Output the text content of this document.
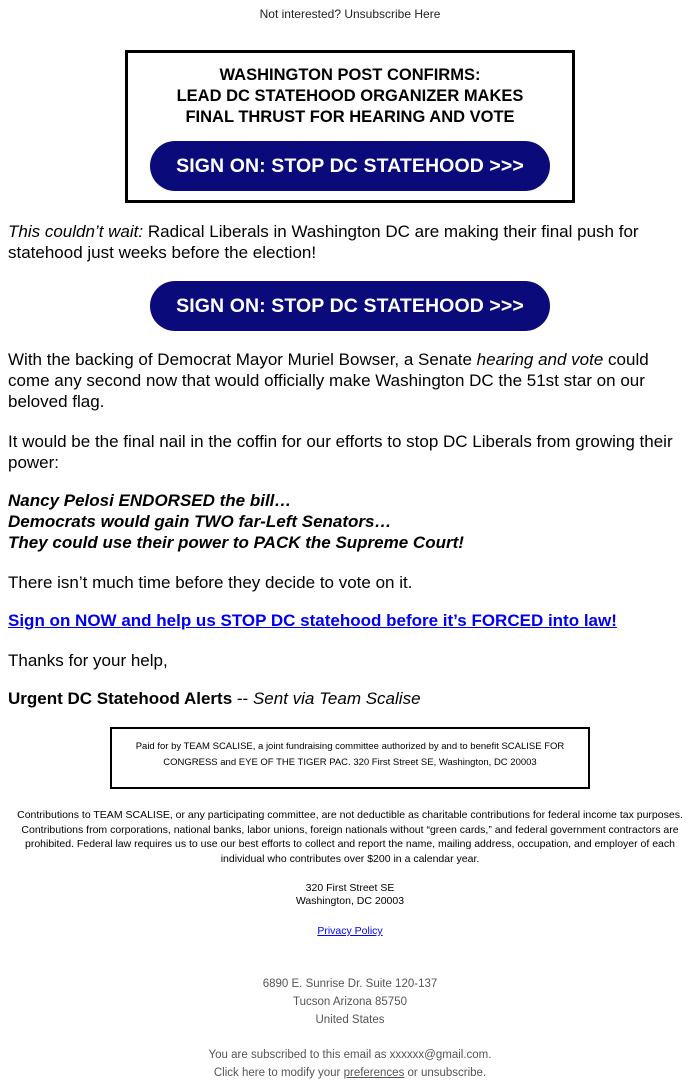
Not interested? Unsubscribe Here
WASHINGTON POST CONFIRMS:
LEAD DC STATEHOOD ORGANIZER MAKES
FINAL THRUST FOR HEARING AND VOTE
SIGN ON: STOP DC STATEHOOD >>>

This couldn’t wait: Radical Liberals in Washington DC are making their final push for statehood just weeks before the election!

SIGN ON: STOP DC STATEHOOD >>>

With the backing of Democrat Mayor Muriel Bowser, a Senate hearing and vote could come any second now that would officially make Washington DC the 51st star on our beloved flag.

It would be the final nail in the coffin for our efforts to stop DC Liberals from growing their power:

Nancy Pelosi ENDORSED the bill…
Democrats would gain TWO far-Left Senators…
They could use their power to PACK the Supreme Court!

There isn’t much time before they decide to vote on it.

Sign on NOW and help us STOP DC statehood before it’s FORCED into law!

Thanks for your help,

Urgent DC Statehood Alerts -- Sent via Team Scalise

Paid for by TEAM SCALISE, a joint fundraising committee authorized by and to benefit SCALISE FOR CONGRESS and EYE OF THE TIGER PAC. 320 First Street SE, Washington, DC 20003
Contributions to TEAM SCALISE, or any participating committee, are not deductible as charitable contributions for federal income tax purposes. Contributions from corporations, national banks, labor unions, foreign nationals without “green cards,” and federal government contractors are prohibited. Federal law requires us to use our best efforts to collect and report the name, mailing address, occupation, and employer of each individual who contributes over $200 in a calendar year.
320 First Street SE
Washington, DC 20003
Privacy Policy
6890 E. Sunrise Dr. Suite 120-137
Tucson Arizona 85750
United States
You are subscribed to this email as xxxxxx@gmail.com.
Click here to modify your preferences or unsubscribe.
